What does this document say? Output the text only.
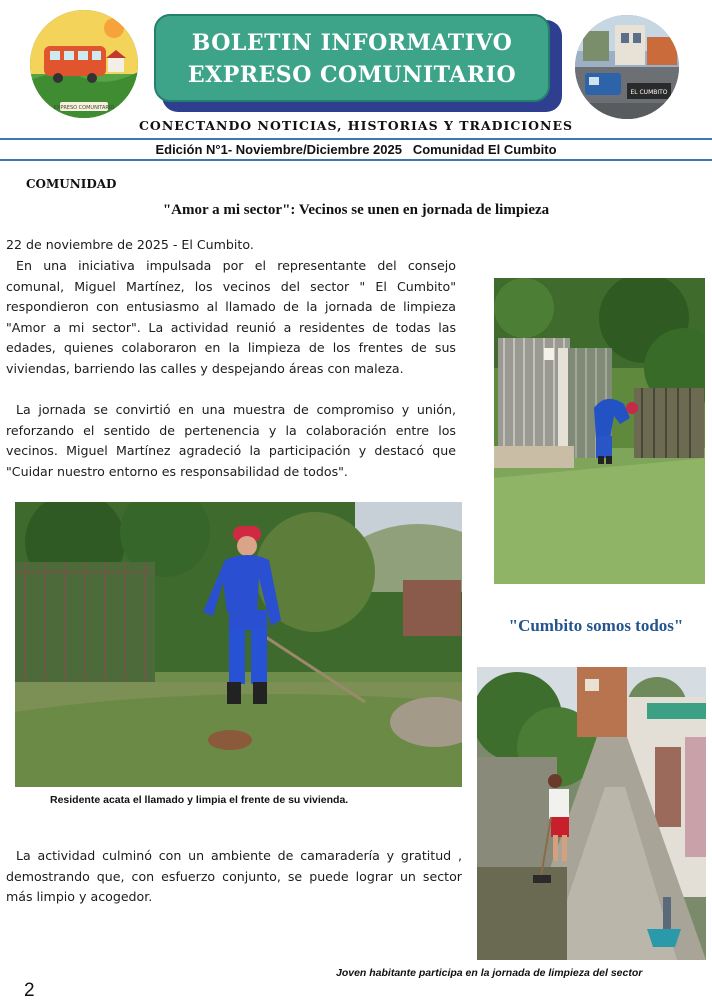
EXPRESO COMUNITARIO
BOLETIN INFORMATIVO
EXPRESO COMUNITARIO
EL CUMBITO
CONECTANDO NOTICIAS, HISTORIAS Y TRADICIONES
Edición N°1- Noviembre/Diciembre 2025 Comunidad El Cumbito
COMUNIDAD
"Amor a mi sector": Vecinos se unen en jornada de limpieza
22 de noviembre de 2025 - El Cumbito.
En una iniciativa impulsada por el representante del consejo comunal, Miguel Martínez, los vecinos del sector " El Cumbito" respondieron con entusiasmo al llamado de la jornada de limpieza "Amor a mi sector". La actividad reunió a residentes de todas las edades, quienes colaboraron en la limpieza de los frentes de sus viviendas, barriendo las calles y despejando áreas con maleza.
La jornada se convirtió en una muestra de compromiso y unión, reforzando el sentido de pertenencia y la colaboración entre los vecinos. Miguel Martínez agradeció la participación y destacó que "Cuidar nuestro entorno es responsabilidad de todos".
"Cumbito somos todos"
Residente acata el llamado y limpia el frente de su vivienda.
La actividad culminó con un ambiente de camaradería y gratitud , demostrando que, con esfuerzo conjunto, se puede lograr un sector más limpio y acogedor.
Joven habitante participa en la jornada de limpieza del sector
2
